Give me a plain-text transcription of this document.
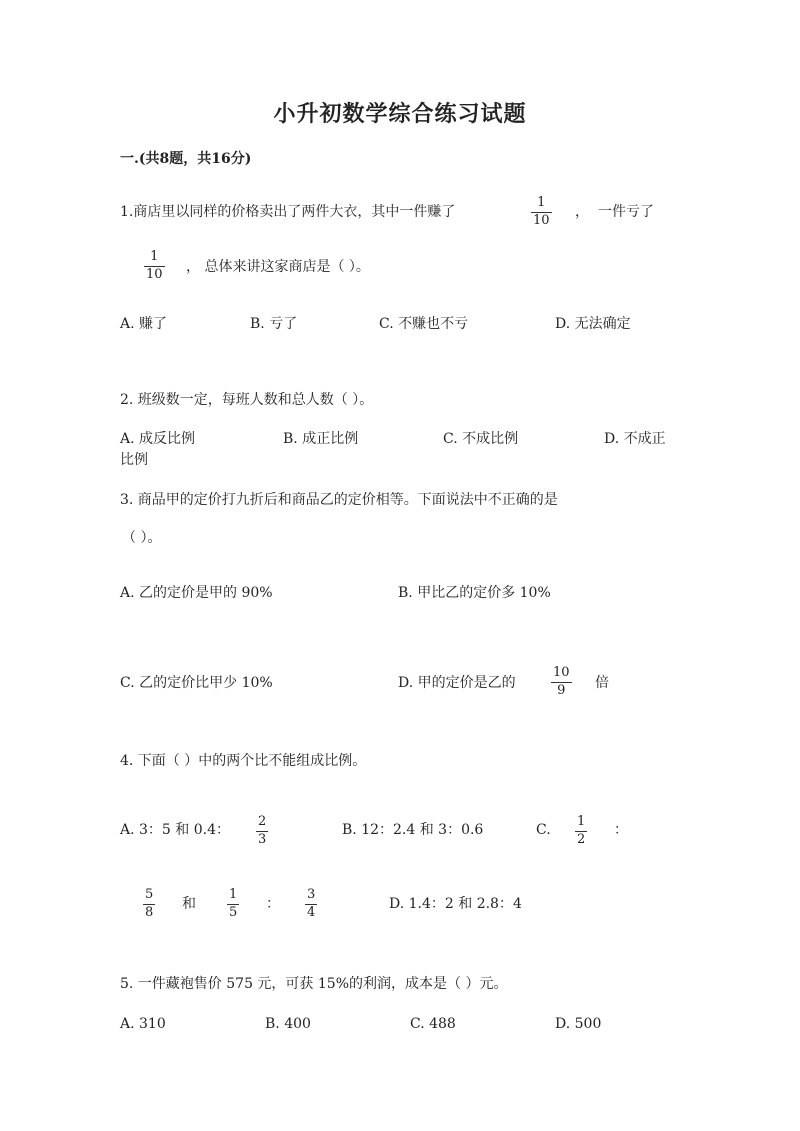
小升初数学综合练习试题
一.(共8题，共16分)
1.商店里以同样的价格卖出了两件大衣，其中一件赚了
1
10
， 一件亏了
1
10 ， 总体来讲这家商店是（ ）。
A. 赚了	B. 亏了	C. 不赚也不亏	D. 无法确定
2. 班级数一定，每班人数和总人数（ ）。
A. 成反比例	B. 成正比例	C. 不成比例	D. 不成正
比例
3. 商品甲的定价打九折后和商品乙的定价相等。下面说法中不正确的是
（ ）。
A. 乙的定价是甲的 90%	B. 甲比乙的定价多 10%
C. 乙的定价比甲少 10%	D. 甲的定价是乙的
10
9 倍
4. 下面（ ）中的两个比不能组成比例。
A. 3：5 和 0.4：
2
3
B. 12：2.4 和 3：0.6	C.
1
2
：
5
8
和
1
5
：
3
4
D. 1.4：2 和 2.8：4
5. 一件藏袍售价 575 元，可获 15%的利润，成本是（ ）元。
A. 310	B. 400	C. 488	D. 500
